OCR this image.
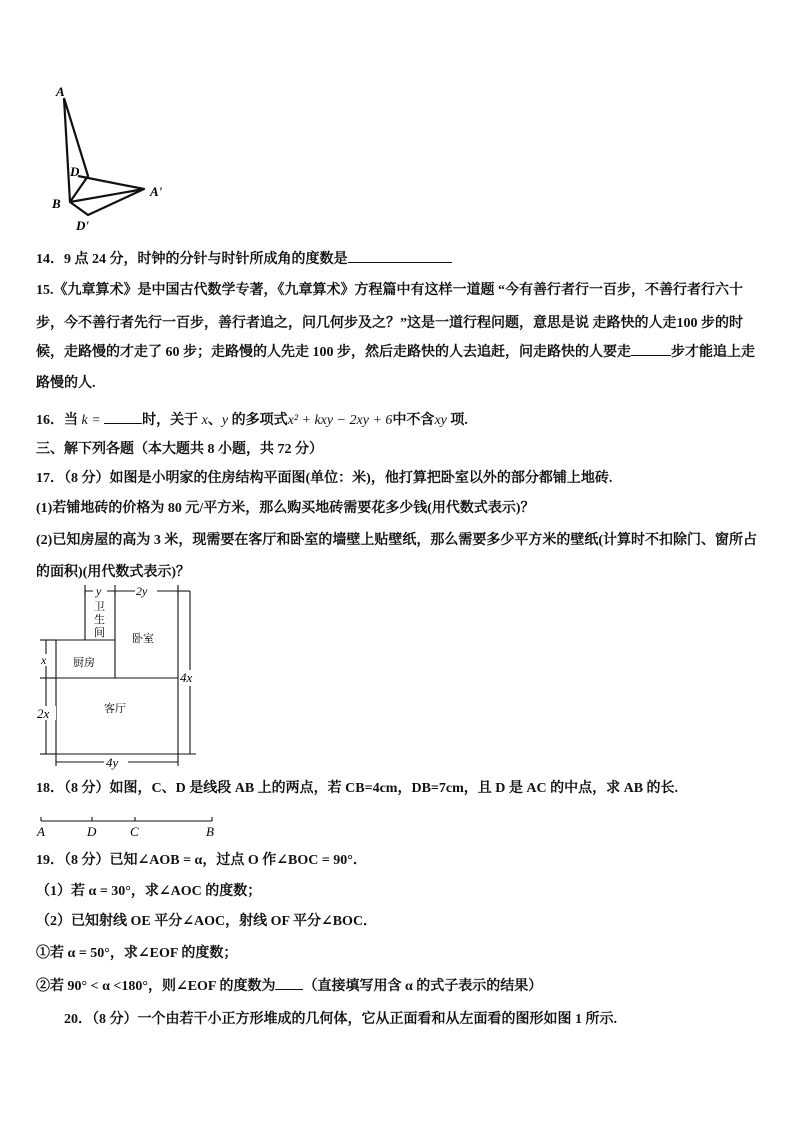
A
D
B
A'
D'
14．9 点 24 分，时钟的分针与时针所成角的度数是
15.《九章算术》是中国古代数学专著，《九章算术》方程篇中有这样一道题 “今有善行者行一百步，不善行者行六十
步，今不善行者先行一百步，善行者追之，问几何步及之？”这是一道行程问题，意思是说 走路快的人走100 步的时
候，走路慢的才走了 60 步；走路慢的人先走 100 步，然后走路快的人去追赶，问走路快的人要走	步才能追上走
路慢的人.
16．当 k =	时，关于 x、y 的多项式x² + kxy − 2xy + 6中不含xy 项.
三、解下列各题（本大题共 8 小题，共 72 分）
17．（8 分）如图是小明家的住房结构平面图(单位：米)，他打算把卧室以外的部分都铺上地砖.
(1)若铺地砖的价格为 80 元/平方米，那么购买地砖需要花多少钱(用代数式表示)？
(2)已知房屋的高为 3 米，现需要在客厅和卧室的墙壁上贴壁纸，那么需要多少平方米的壁纸(计算时不扣除门、窗所占
的面积)(用代数式表示)？
y	2y
x
2x
4x
4y
卫
生
间 卧室
厨房
客厅
18．（8 分）如图，C、D 是线段 AB 上的两点，若 CB=4cm，DB=7cm，且 D 是 AC 的中点，求 AB 的长.
A	D	C	B
19．（8 分）已知∠AOB = α，过点 O 作∠BOC = 90°．
（1）若 α = 30°，求∠AOC 的度数；
（2）已知射线 OE 平分∠AOC，射线 OF 平分∠BOC．
①若 α = 50°，求∠EOF 的度数；
②若 90° < α <180°，则∠EOF 的度数为 （直接填写用含 α 的式子表示的结果）
20．（8 分）一个由若干小正方形堆成的几何体，它从正面看和从左面看的图形如图 1 所示.
